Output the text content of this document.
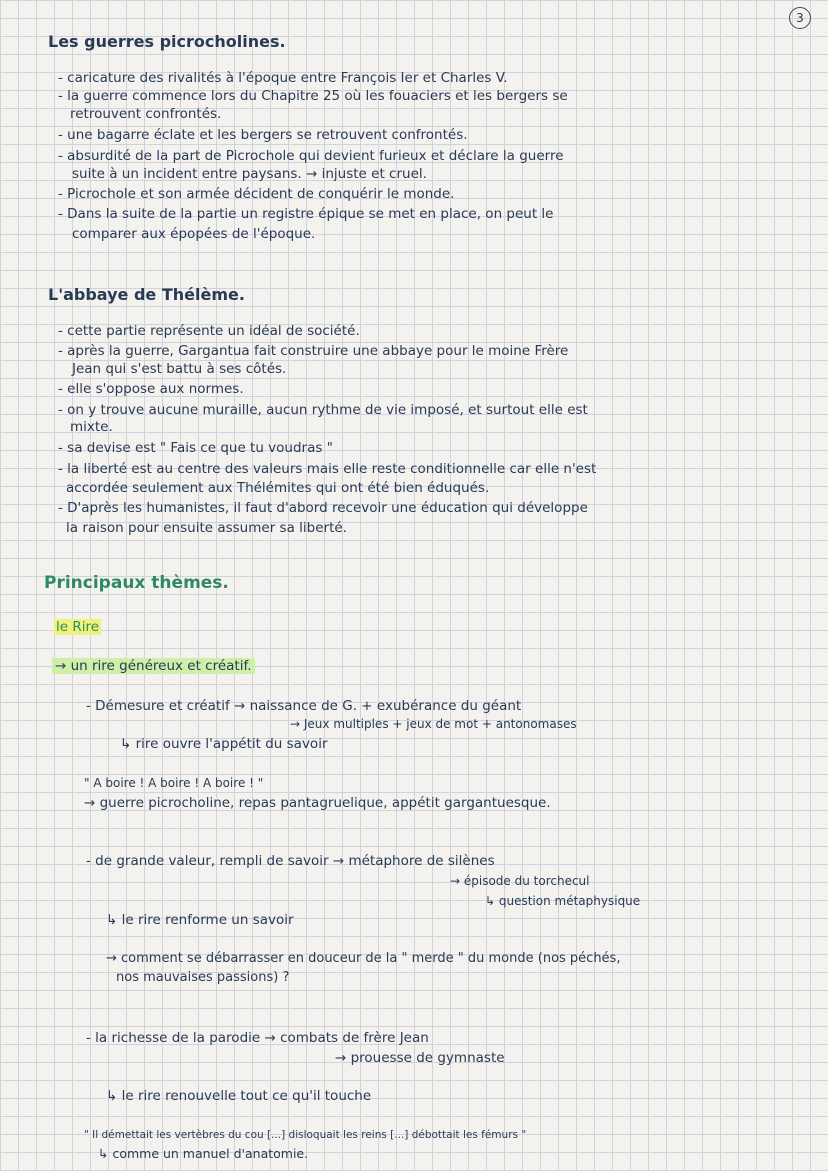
3
Les guerres picrocholines.
- caricature des rivalités à l'époque entre François Ier et Charles V.
- la guerre commence lors du Chapitre 25 où les fouaciers et les bergers se
retrouvent confrontés.
- une bagarre éclate et les bergers se retrouvent confrontés.
- absurdité de la part de Picrochole qui devient furieux et déclare la guerre
suite à un incident entre paysans. → injuste et cruel.
- Picrochole et son armée décident de conquérir le monde.
- Dans la suite de la partie un registre épique se met en place, on peut le
comparer aux épopées de l'époque.
L'abbaye de Thélème.
- cette partie représente un idéal de société.
- après la guerre, Gargantua fait construire une abbaye pour le moine Frère
Jean qui s'est battu à ses côtés.
- elle s'oppose aux normes.
- on y trouve aucune muraille, aucun rythme de vie imposé, et surtout elle est
mixte.
- sa devise est " Fais ce que tu voudras "
- la liberté est au centre des valeurs mais elle reste conditionnelle car elle n'est
accordée seulement aux Thélémites qui ont été bien éduqués.
- D'après les humanistes, il faut d'abord recevoir une éducation qui développe
la raison pour ensuite assumer sa liberté.
Principaux thèmes.
le Rire
→ un rire généreux et créatif.
- Démesure et créatif → naissance de G. + exubérance du géant
→ Jeux multiples + jeux de mot + antonomases
↳ rire ouvre l'appétit du savoir
" A boire ! A boire ! A boire ! "
→ guerre picrocholine, repas pantagruelique, appétit gargantuesque.
- de grande valeur, rempli de savoir → métaphore de silènes
→ épisode du torchecul
↳ question métaphysique
↳ le rire renforme un savoir
→ comment se débarrasser en douceur de la " merde " du monde (nos péchés,
nos mauvaises passions) ?
- la richesse de la parodie → combats de frère Jean
→ prouesse de gymnaste
↳ le rire renouvelle tout ce qu'il touche
" Il démettait les vertèbres du cou [...] disloquait les reins [...] débottait les fémurs "
↳ comme un manuel d'anatomie.
